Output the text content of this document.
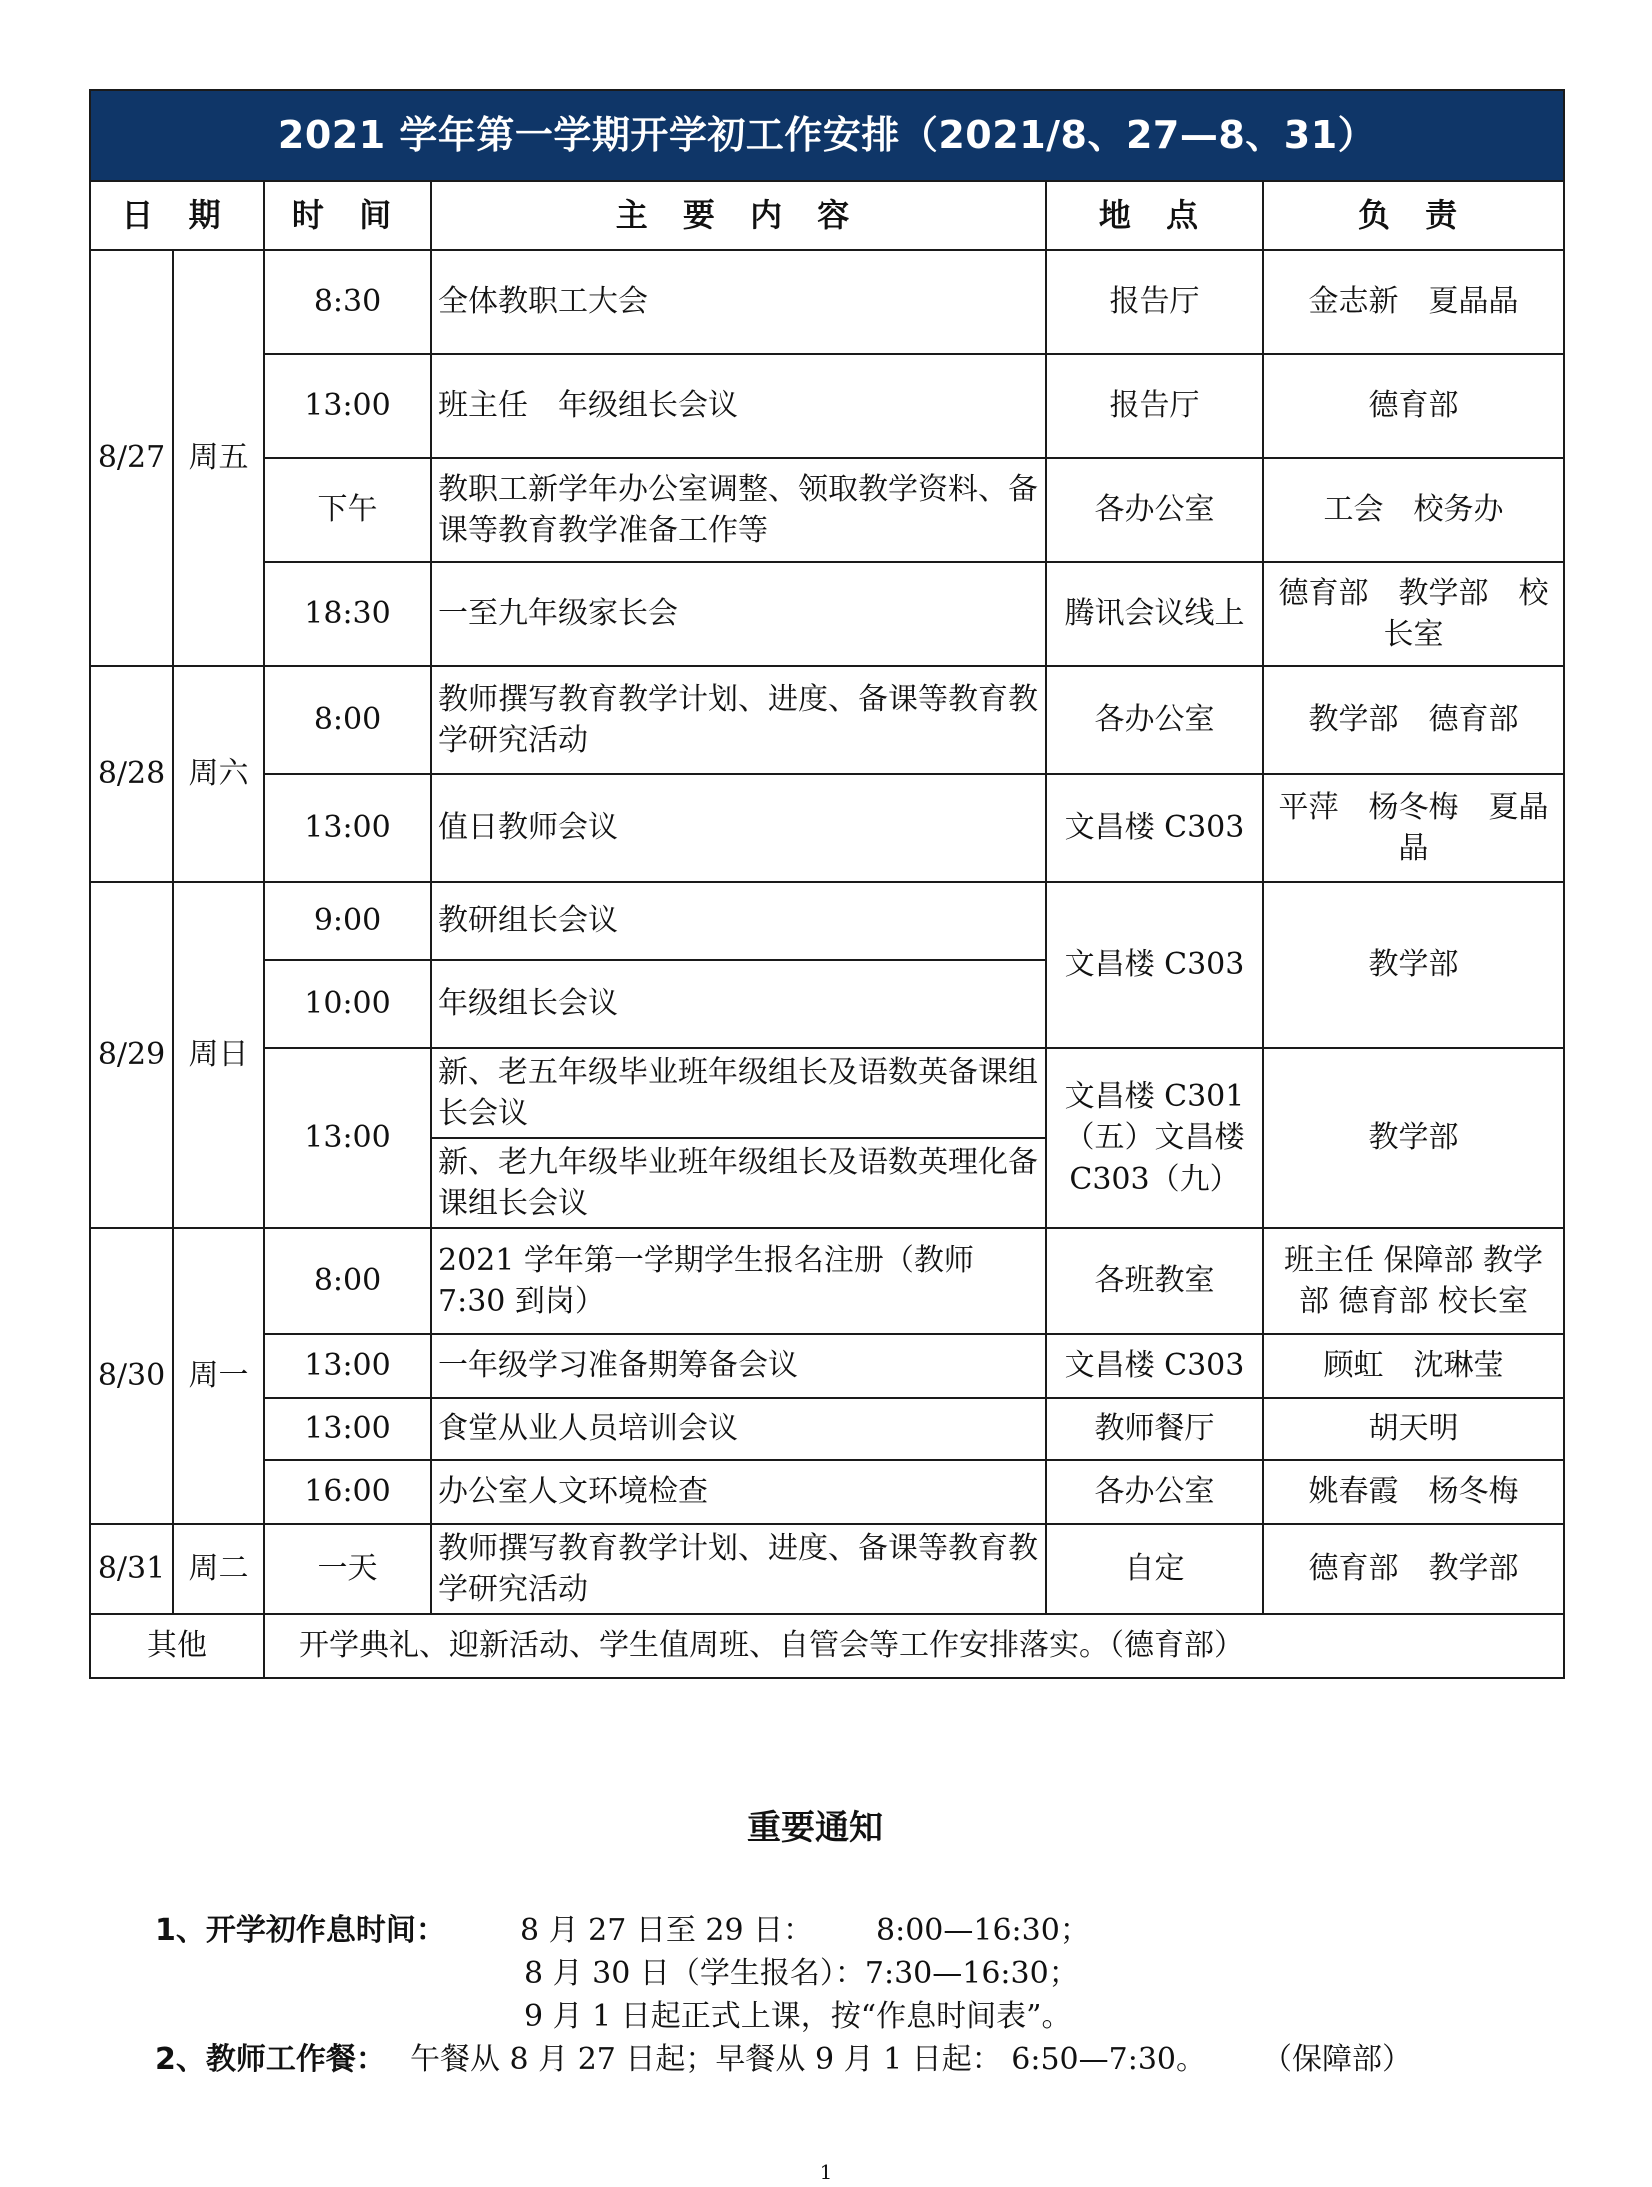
2021 学年第一学期开学初工作安排（2021/8、27—8、31）					
日 期		时 间	主 要 内 容	地 点	负 责
8/27	周五	8:30	全体教职工大会	报告厅	金志新　夏晶晶
		13:00	班主任　年级组长会议	报告厅	德育部
		下午	教职工新学年办公室调整、领取教学资料、备课等教育教学准备工作等	各办公室	工会　校务办
		18:30	一至九年级家长会	腾讯会议线上	德育部　教学部　校长室
8/28	周六	8:00	教师撰写教育教学计划、进度、备课等教育教学研究活动	各办公室	教学部　德育部
		13:00	值日教师会议	文昌楼 C303	平萍　杨冬梅　夏晶晶
8/29	周日	9:00	教研组长会议	文昌楼 C303	教学部
		10:00	年级组长会议		
		13:00	新、老五年级毕业班年级组长及语数英备课组长会议	文昌楼 C301（五）文昌楼 C303（九）	教学部
			新、老九年级毕业班年级组长及语数英理化备课组长会议		
8/30	周一	8:00	2021 学年第一学期学生报名注册（教师 7:30 到岗）	各班教室	班主任 保障部 教学部 德育部 校长室
		13:00	一年级学习准备期筹备会议	文昌楼 C303	顾虹　沈琳莹
		13:00	食堂从业人员培训会议	教师餐厅	胡天明
		16:00	办公室人文环境检查	各办公室	姚春霞　杨冬梅
8/31	周二	一天	教师撰写教育教学计划、进度、备课等教育教学研究活动	自定	德育部　教学部
其他		开学典礼、迎新活动、学生值周班、自管会等工作安排落实。（德育部）			
重要通知
1、开学初作息时间： 8 月 27 日至 29 日： 8:00—16:30；
8 月 30 日（学生报名）：7:30—16:30；
9 月 1 日起正式上课，按“作息时间表”。
2、教师工作餐： 午餐从 8 月 27 日起；早餐从 9 月 1 日起： 6:50—7:30。 （保障部）
1
